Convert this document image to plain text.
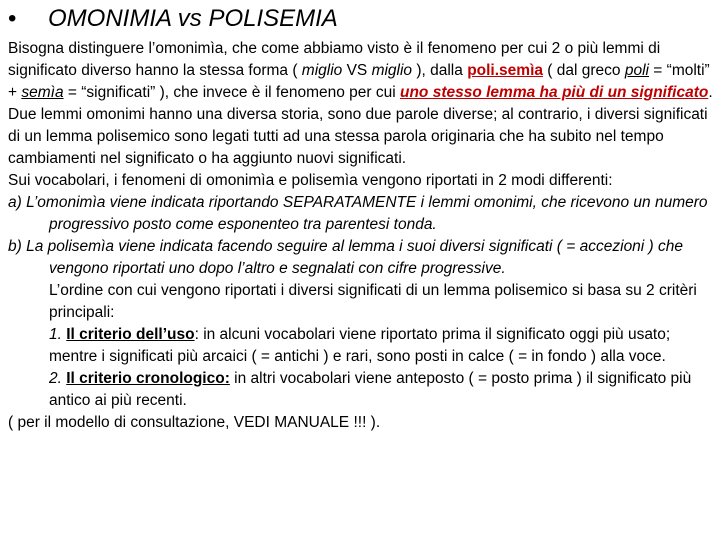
• OMONIMIA vs POLISEMIA

Bisogna distinguere l’omonimìa, che come abbiamo visto è il fenomeno per cui 2 o più lemmi di significato diverso hanno la stessa forma ( miglio VS miglio ), dalla poli.semìa ( dal greco poli = “molti” + semìa = “significati” ), che invece è il fenomeno per cui uno stesso lemma ha più di un significato.

Due lemmi omonimi hanno una diversa storia, sono due parole diverse; al contrario, i diversi significati di un lemma polisemico sono legati tutti ad una stessa parola originaria che ha subito nel tempo cambiamenti nel significato o ha aggiunto nuovi significati.

Sui vocabolari, i fenomeni di omonimìa e polisemìa vengono riportati in 2 modi differenti:

a) L’omonimìa viene indicata riportando SEPARATAMENTE i lemmi omonimi, che ricevono un numero progressivo posto come esponenteo tra parentesi tonda.

b) La polisemìa viene indicata facendo seguire al lemma i suoi diversi significati ( = accezioni ) che vengono riportati uno dopo l’altro e segnalati con cifre progressive.

L’ordine con cui vengono riportati i diversi significati di un lemma polisemico si basa su 2 critèri principali:

1. Il criterio dell’uso: in alcuni vocabolari viene riportato prima il significato oggi più usato; mentre i significati più arcaici ( = antichi ) e rari, sono posti in calce ( = in fondo ) alla voce.

2. Il criterio cronologico: in altri vocabolari viene anteposto ( = posto prima ) il significato più antico ai più recenti.

( per il modello di consultazione, VEDI MANUALE !!! ).
